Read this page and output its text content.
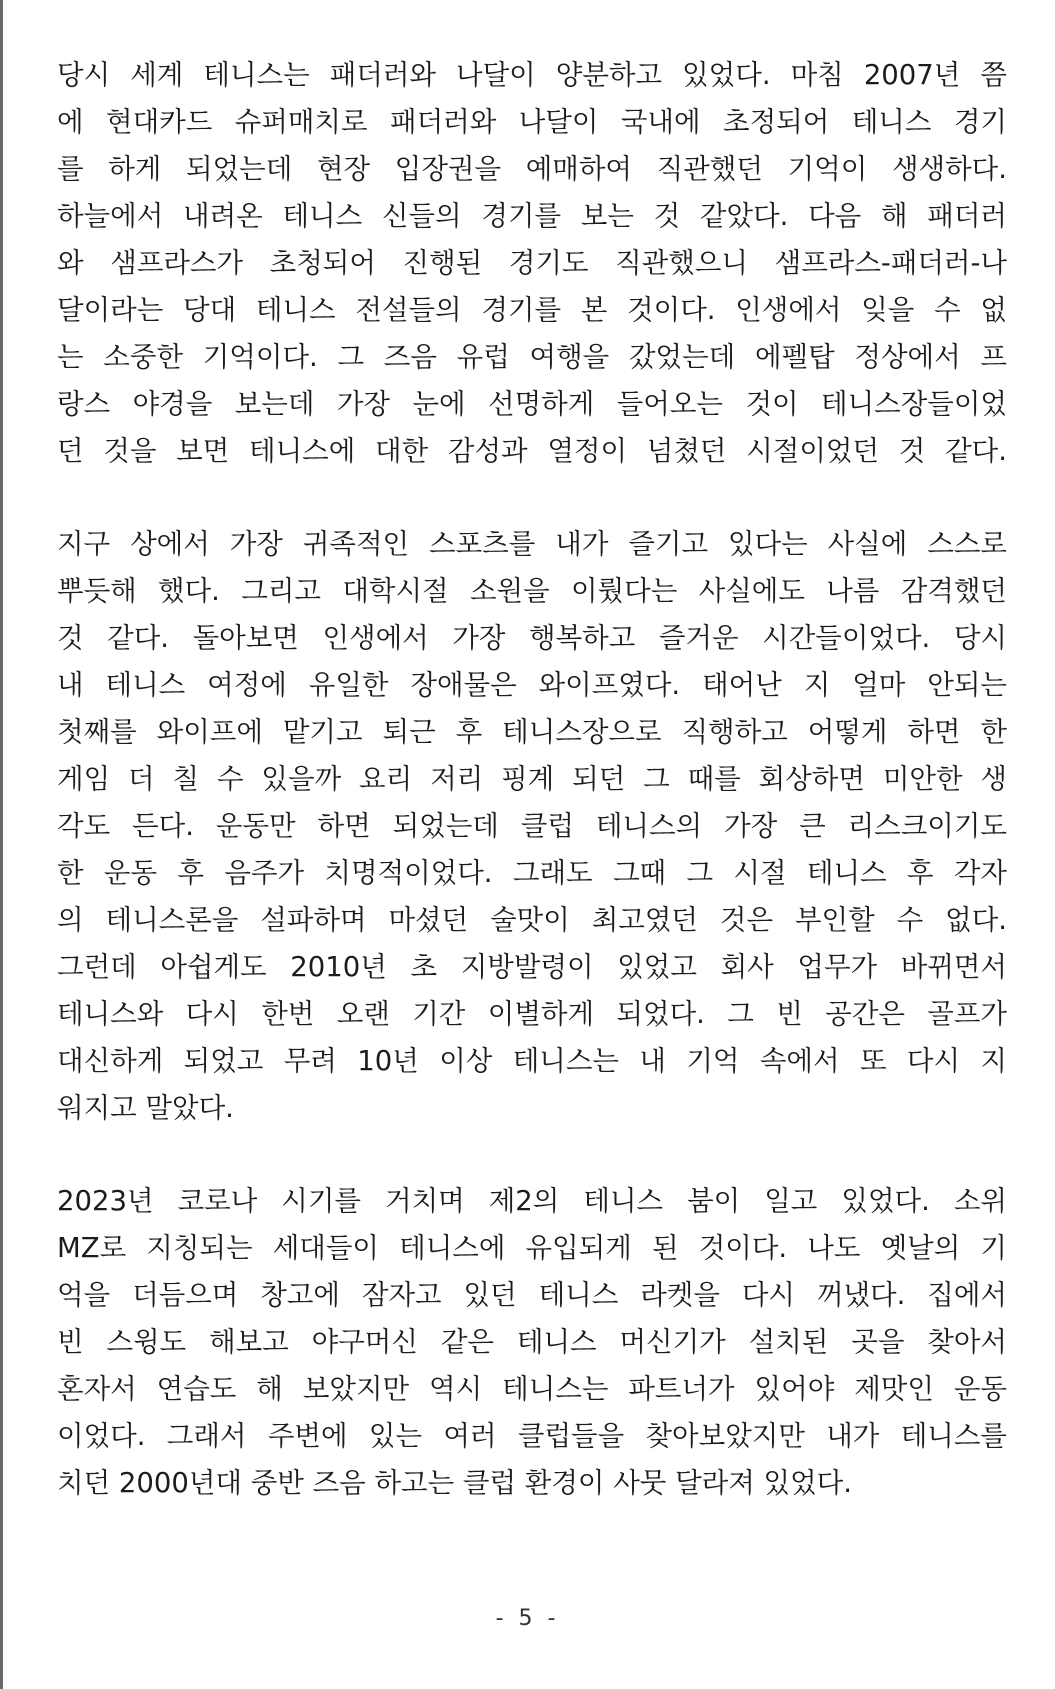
당시 세계 테니스는 패더러와 나달이 양분하고 있었다. 마침 2007년 쯤
에 현대카드 슈퍼매치로 패더러와 나달이 국내에 초정되어 테니스 경기
를 하게 되었는데 현장 입장권을 예매하여 직관했던 기억이 생생하다.
하늘에서 내려온 테니스 신들의 경기를 보는 것 같았다. 다음 해 패더러
와 샘프라스가 초청되어 진행된 경기도 직관했으니 샘프라스-패더러-나
달이라는 당대 테니스 전설들의 경기를 본 것이다. 인생에서 잊을 수 없
는 소중한 기억이다. 그 즈음 유럽 여행을 갔었는데 에펠탑 정상에서 프
랑스 야경을 보는데 가장 눈에 선명하게 들어오는 것이 테니스장들이었
던 것을 보면 테니스에 대한 감성과 열정이 넘쳤던 시절이었던 것 같다.
지구 상에서 가장 귀족적인 스포츠를 내가 즐기고 있다는 사실에 스스로
뿌듯해 했다. 그리고 대학시절 소원을 이뤘다는 사실에도 나름 감격했던
것 같다. 돌아보면 인생에서 가장 행복하고 즐거운 시간들이었다. 당시
내 테니스 여정에 유일한 장애물은 와이프였다. 태어난 지 얼마 안되는
첫째를 와이프에 맡기고 퇴근 후 테니스장으로 직행하고 어떻게 하면 한
게임 더 칠 수 있을까 요리 저리 핑계 되던 그 때를 회상하면 미안한 생
각도 든다. 운동만 하면 되었는데 클럽 테니스의 가장 큰 리스크이기도
한 운동 후 음주가 치명적이었다. 그래도 그때 그 시절 테니스 후 각자
의 테니스론을 설파하며 마셨던 술맛이 최고였던 것은 부인할 수 없다.
그런데 아쉽게도 2010년 초 지방발령이 있었고 회사 업무가 바뀌면서
테니스와 다시 한번 오랜 기간 이별하게 되었다. 그 빈 공간은 골프가
대신하게 되었고 무려 10년 이상 테니스는 내 기억 속에서 또 다시 지
워지고 말았다.
2023년 코로나 시기를 거치며 제2의 테니스 붐이 일고 있었다. 소위
MZ로 지칭되는 세대들이 테니스에 유입되게 된 것이다. 나도 옛날의 기
억을 더듬으며 창고에 잠자고 있던 테니스 라켓을 다시 꺼냈다. 집에서
빈 스윙도 해보고 야구머신 같은 테니스 머신기가 설치된 곳을 찾아서
혼자서 연습도 해 보았지만 역시 테니스는 파트너가 있어야 제맛인 운동
이었다. 그래서 주변에 있는 여러 클럽들을 찾아보았지만 내가 테니스를
치던 2000년대 중반 즈음 하고는 클럽 환경이 사뭇 달라져 있었다.
- 5 -
